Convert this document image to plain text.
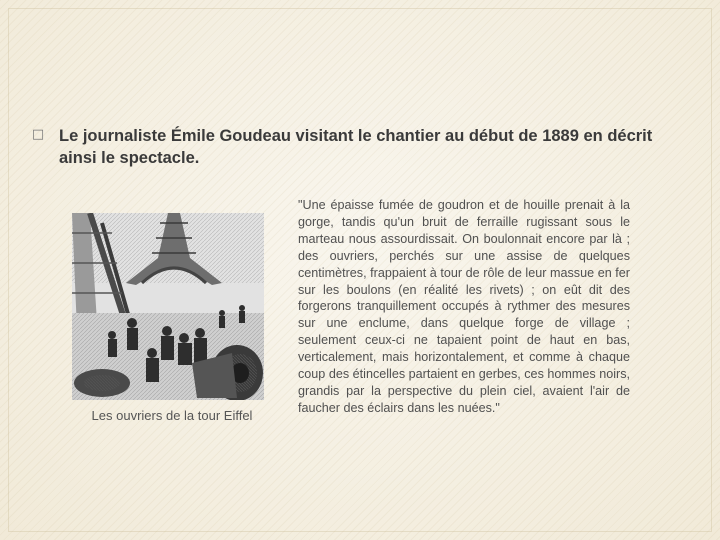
□ Le journaliste Émile Goudeau visitant le chantier au début de 1889 en décrit ainsi le spectacle.
Les ouvriers de la tour Eiffel
"Une épaisse fumée de goudron et de houille prenait à la gorge, tandis qu'un bruit de ferraille rugissant sous le marteau nous assourdissait. On boulonnait encore par là ; des ouvriers, perchés sur une assise de quelques centimètres, frappaient à tour de rôle de leur massue en fer sur les boulons (en réalité les rivets) ; on eût dit des forgerons tranquillement occupés à rythmer des mesures sur une enclume, dans quelque forge de village ; seulement ceux-ci ne tapaient point de haut en bas, verticalement, mais horizontalement, et comme à chaque coup des étincelles partaient en gerbes, ces hommes noirs, grandis par la perspective du plein ciel, avaient l'air de faucher des éclairs dans les nuées."
